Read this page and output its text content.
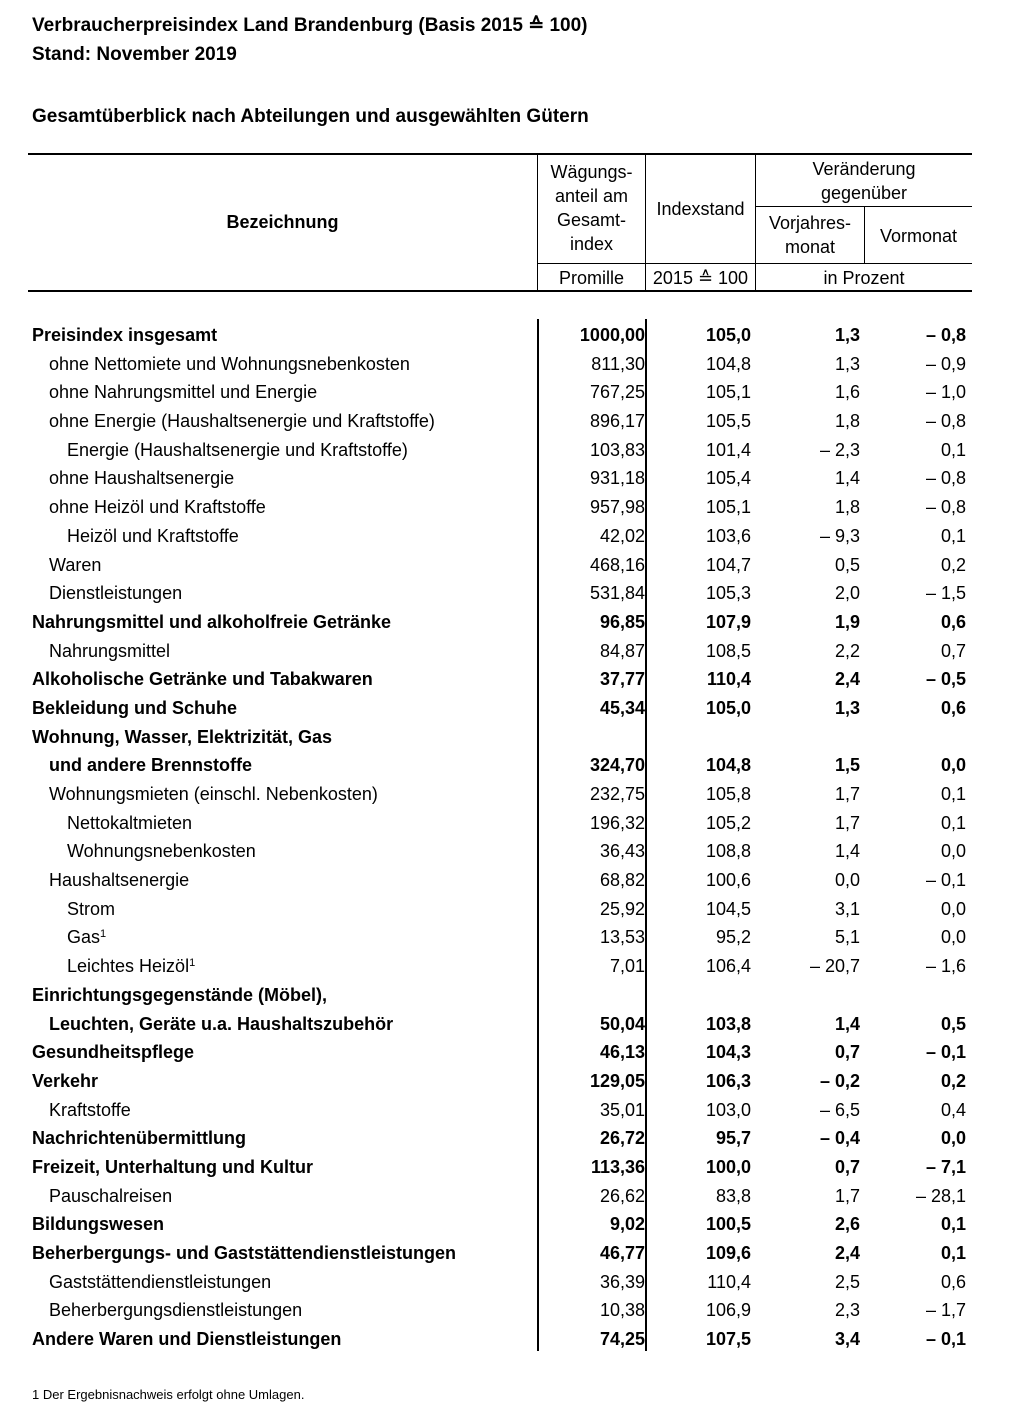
Verbraucherpreisindex Land Brandenburg (Basis 2015 ≙ 100)
Stand: November 2019
Gesamtüberblick nach Abteilungen und ausgewählten Gütern
Bezeichnung
Wägungs-
anteil am
Gesamt-
index
Indexstand
Veränderung
gegenüber
Vorjahres-
monat
Vormonat
Promille	2015 ≙ 100	in Prozent
Preisindex insgesamt	1000,00	105,0	1,3	– 0,8
ohne Nettomiete und Wohnungsnebenkosten	811,30	104,8	1,3	– 0,9
ohne Nahrungsmittel und Energie	767,25	105,1	1,6	– 1,0
ohne Energie (Haushaltsenergie und Kraftstoffe)	896,17	105,5	1,8	– 0,8
Energie (Haushaltsenergie und Kraftstoffe)	103,83	101,4	– 2,3	0,1
ohne Haushaltsenergie	931,18	105,4	1,4	– 0,8
ohne Heizöl und Kraftstoffe	957,98	105,1	1,8	– 0,8
Heizöl und Kraftstoffe	42,02	103,6	– 9,3	0,1
Waren	468,16	104,7	0,5	0,2
Dienstleistungen	531,84	105,3	2,0	– 1,5
Nahrungsmittel und alkoholfreie Getränke	96,85	107,9	1,9	0,6
Nahrungsmittel	84,87	108,5	2,2	0,7
Alkoholische Getränke und Tabakwaren	37,77	110,4	2,4	– 0,5
Bekleidung und Schuhe	45,34	105,0	1,3	0,6
Wohnung, Wasser, Elektrizität, Gas
und andere Brennstoffe	324,70	104,8	1,5	0,0
Wohnungsmieten (einschl. Nebenkosten)	232,75	105,8	1,7	0,1
Nettokaltmieten	196,32	105,2	1,7	0,1
Wohnungsnebenkosten	36,43	108,8	1,4	0,0
Haushaltsenergie	68,82	100,6	0,0	– 0,1
Strom	25,92	104,5	3,1	0,0
Gas$^1$	13,53	95,2	5,1	0,0
Leichtes Heizöl$^1$	7,01	106,4	– 20,7	– 1,6
Einrichtungsgegenstände (Möbel),
Leuchten, Geräte u.a. Haushaltszubehör	50,04	103,8	1,4	0,5
Gesundheitspflege	46,13	104,3	0,7	– 0,1
Verkehr	129,05	106,3	– 0,2	0,2
Kraftstoffe	35,01	103,0	– 6,5	0,4
Nachrichtenübermittlung	26,72	95,7	– 0,4	0,0
Freizeit, Unterhaltung und Kultur	113,36	100,0	0,7	– 7,1
Pauschalreisen	26,62	83,8	1,7	– 28,1
Bildungswesen	9,02	100,5	2,6	0,1
Beherbergungs- und Gaststättendienstleistungen	46,77	109,6	2,4	0,1
Gaststättendienstleistungen	36,39	110,4	2,5	0,6
Beherbergungsdienstleistungen	10,38	106,9	2,3	– 1,7
Andere Waren und Dienstleistungen	74,25	107,5	3,4	– 0,1
1 Der Ergebnisnachweis erfolgt ohne Umlagen.
